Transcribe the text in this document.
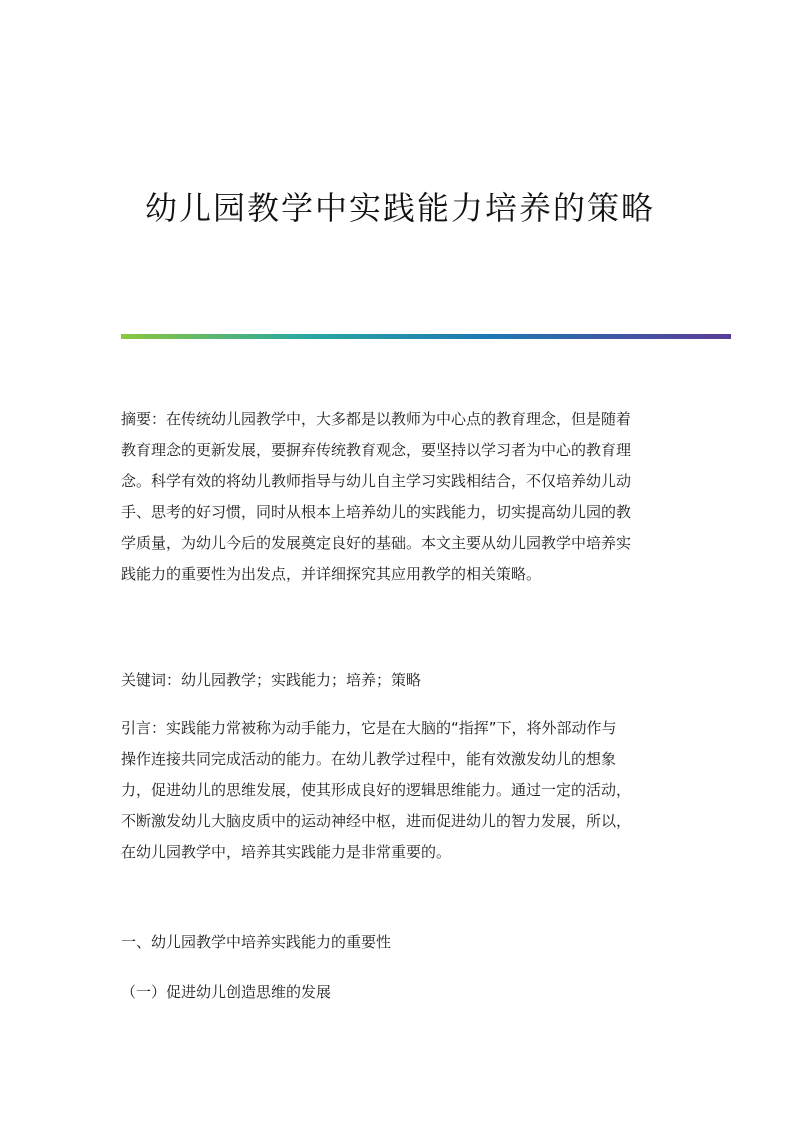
幼儿园教学中实践能力培养的策略
摘要：在传统幼儿园教学中，大多都是以教师为中心点的教育理念，但是随着
教育理念的更新发展，要摒弃传统教育观念，要坚持以学习者为中心的教育理
念。科学有效的将幼儿教师指导与幼儿自主学习实践相结合，不仅培养幼儿动
手、思考的好习惯，同时从根本上培养幼儿的实践能力，切实提高幼儿园的教
学质量，为幼儿今后的发展奠定良好的基础。本文主要从幼儿园教学中培养实
践能力的重要性为出发点，并详细探究其应用教学的相关策略。
关键词：幼儿园教学；实践能力；培养；策略
引言：实践能力常被称为动手能力，它是在大脑的“指挥”下，将外部动作与
操作连接共同完成活动的能力。在幼儿教学过程中，能有效激发幼儿的想象
力，促进幼儿的思维发展，使其形成良好的逻辑思维能力。通过一定的活动，
不断激发幼儿大脑皮质中的运动神经中枢，进而促进幼儿的智力发展，所以，
在幼儿园教学中，培养其实践能力是非常重要的。
一、幼儿园教学中培养实践能力的重要性
（一）促进幼儿创造思维的发展
